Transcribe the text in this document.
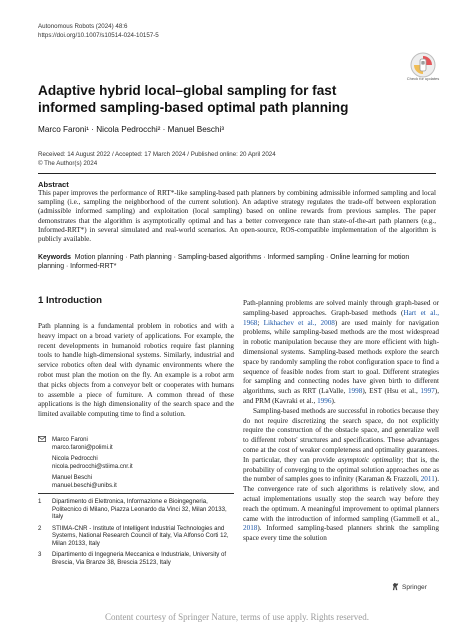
Autonomous Robots (2024) 48:6
https://doi.org/10.1007/s10514-024-10157-5
Check for updates
Adaptive hybrid local–global sampling for fast informed sampling-based optimal path planning
Marco Faroni¹ · Nicola Pedrocchi² · Manuel Beschi³
Received: 14 August 2022 / Accepted: 17 March 2024 / Published online: 20 April 2024
© The Author(s) 2024
Abstract
This paper improves the performance of RRT*-like sampling-based path planners by combining admissible informed sampling and local sampling (i.e., sampling the neighborhood of the current solution). An adaptive strategy regulates the trade-off between exploration (admissible informed sampling) and exploitation (local sampling) based on online rewards from previous samples. The paper demonstrates that the algorithm is asymptotically optimal and has a better convergence rate than state-of-the-art path planners (e.g., Informed-RRT*) in several simulated and real-world scenarios. An open-source, ROS-compatible implementation of the algorithm is publicly available.
Keywords Motion planning · Path planning · Sampling-based algorithms · Informed sampling · Online learning for motion planning · Informed-RRT*
1 Introduction

Path planning is a fundamental problem in robotics and with a heavy impact on a broad variety of applications. For example, the recent developments in humanoid robotics require fast planning tools to handle high-dimensional systems. Similarly, industrial and service robotics often deal with dynamic environments where the robot must plan the motion on the fly. An example is a robot arm that picks objects from a conveyor belt or cooperates with humans to assemble a piece of furniture. A common thread of these applications is the high dimensionality of the search space and the limited available computing time to find a solution.

Marco Faroni
marco.faroni@polimi.it
Nicola Pedrocchi
nicola.pedrocchi@stiima.cnr.it
Manuel Beschi
manuel.beschi@unibs.it
1	Dipartimento di Elettronica, Informazione e Bioingegneria, Politecnico di Milano, Piazza Leonardo da Vinci 32, Milan 20133, Italy
2	STIIMA-CNR - Institute of Intelligent Industrial Technologies and Systems, National Research Council of Italy, Via Alfonso Corti 12, Milan 20133, Italy
3	Dipartimento di Ingegneria Meccanica e Industriale, University of Brescia, Via Branze 38, Brescia 25123, Italy

Path-planning problems are solved mainly through graph-based or sampling-based approaches. Graph-based methods (Hart et al., 1968; Likhachev et al., 2008) are used mainly for navigation problems, while sampling-based methods are the most widespread in robotic manipulation because they are more efficient with high-dimensional systems. Sampling-based methods explore the search space by randomly sampling the robot configuration space to find a sequence of feasible nodes from start to goal. Different strategies for sampling and connecting nodes have given birth to different algorithms, such as RRT (LaValle, 1998), EST (Hsu et al., 1997), and PRM (Kavraki et al., 1996).

Sampling-based methods are successful in robotics because they do not require discretizing the search space, do not explicitly require the construction of the obstacle space, and generalize well to different robots' structures and specifications. These advantages come at the cost of weaker completeness and optimality guarantees. In particular, they can provide asymptotic optimality; that is, the probability of converging to the optimal solution approaches one as the number of samples goes to infinity (Karaman & Frazzoli, 2011). The convergence rate of such algorithms is relatively slow, and actual implementations usually stop the search way before they reach the optimum. A meaningful improvement to optimal planners came with the introduction of informed sampling (Gammell et al., 2018). Informed sampling-based planners shrink the sampling space every time the solution

Springer
Content courtesy of Springer Nature, terms of use apply. Rights reserved.
